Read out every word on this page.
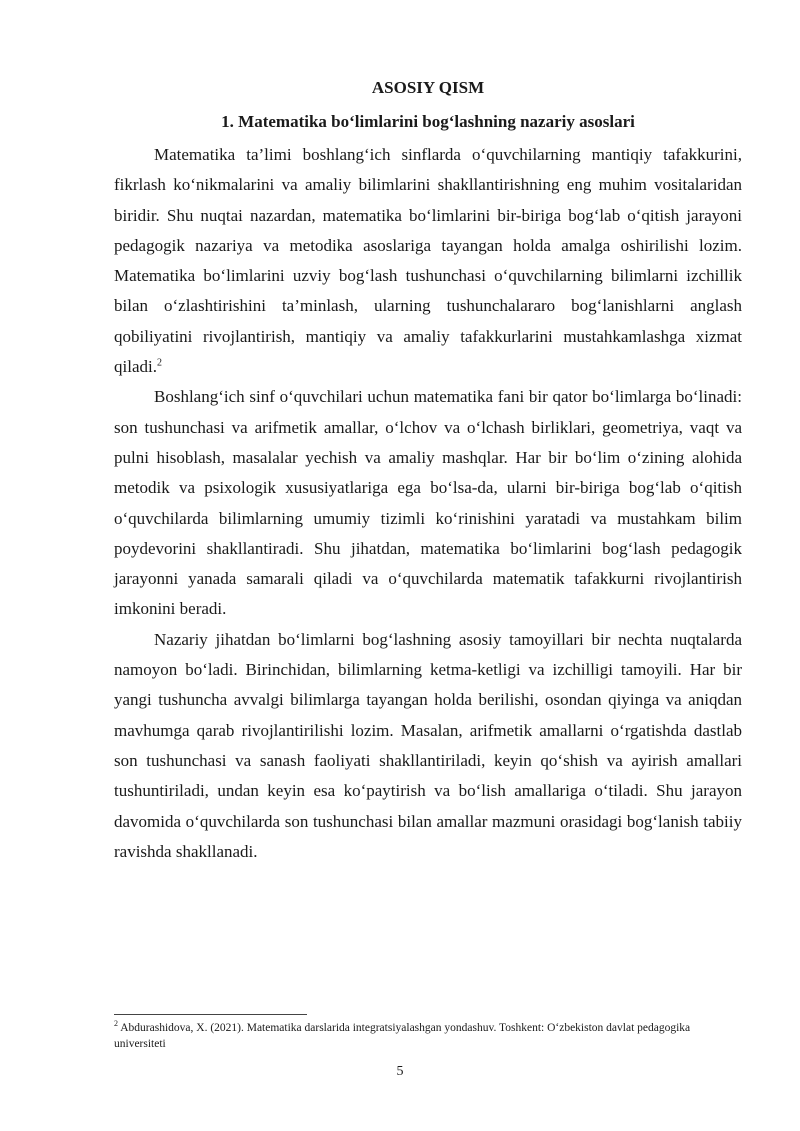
ASOSIY QISM
1. Matematika bo‘limlarini bog‘lashning nazariy asoslari

Matematika ta’limi boshlang‘ich sinflarda o‘quvchilarning mantiqiy tafakkurini, fikrlash ko‘nikmalarini va amaliy bilimlarini shakllantirishning eng muhim vositalaridan biridir. Shu nuqtai nazardan, matematika bo‘limlarini bir-biriga bog‘lab o‘qitish jarayoni pedagogik nazariya va metodika asoslariga tayangan holda amalga oshirilishi lozim. Matematika bo‘limlarini uzviy bog‘lash tushunchasi o‘quvchilarning bilimlarni izchillik bilan o‘zlashtirishini ta’minlash, ularning tushunchalararo bog‘lanishlarni anglash qobiliyatini rivojlantirish, mantiqiy va amaliy tafakkurlarini mustahkamlashga xizmat qiladi.$^2$

Boshlang‘ich sinf o‘quvchilari uchun matematika fani bir qator bo‘limlarga bo‘linadi: son tushunchasi va arifmetik amallar, o‘lchov va o‘lchash birliklari, geometriya, vaqt va pulni hisoblash, masalalar yechish va amaliy mashqlar. Har bir bo‘lim o‘zining alohida metodik va psixologik xususiyatlariga ega bo‘lsa-da, ularni bir-biriga bog‘lab o‘qitish o‘quvchilarda bilimlarning umumiy tizimli ko‘rinishini yaratadi va mustahkam bilim poydevorini shakllantiradi. Shu jihatdan, matematika bo‘limlarini bog‘lash pedagogik jarayonni yanada samarali qiladi va o‘quvchilarda matematik tafakkurni rivojlantirish imkonini beradi.

Nazariy jihatdan bo‘limlarni bog‘lashning asosiy tamoyillari bir nechta nuqtalarda namoyon bo‘ladi. Birinchidan, bilimlarning ketma-ketligi va izchilligi tamoyili. Har bir yangi tushuncha avvalgi bilimlarga tayangan holda berilishi, osondan qiyinga va aniqdan mavhumga qarab rivojlantirilishi lozim. Masalan, arifmetik amallarni o‘rgatishda dastlab son tushunchasi va sanash faoliyati shakllantiriladi, keyin qo‘shish va ayirish amallari tushuntiriladi, undan keyin esa ko‘paytirish va bo‘lish amallariga o‘tiladi. Shu jarayon davomida o‘quvchilarda son tushunchasi bilan amallar mazmuni orasidagi bog‘lanish tabiiy ravishda shakllanadi.

$^2$ Abdurashidova, X. (2021). Matematika darslarida integratsiyalashgan yondashuv. Toshkent: O‘zbekiston davlat pedagogika universiteti

5
